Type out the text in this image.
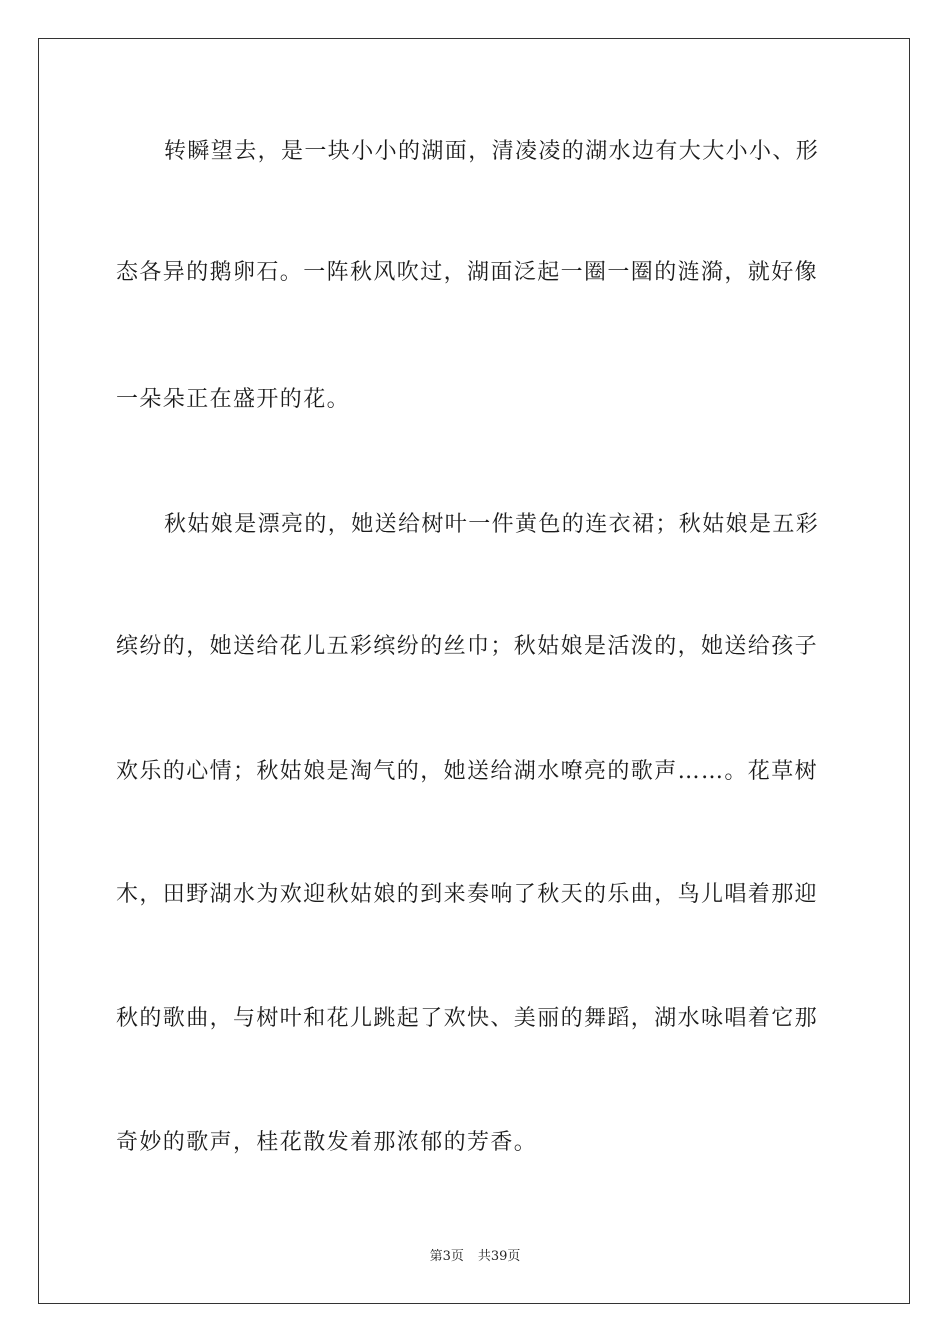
转瞬望去，是一块小小的湖面，清凌凌的湖水边有大大小小、形
态各异的鹅卵石。一阵秋风吹过，湖面泛起一圈一圈的涟漪，就好像
一朵朵正在盛开的花。
秋姑娘是漂亮的，她送给树叶一件黄色的连衣裙；秋姑娘是五彩
缤纷的，她送给花儿五彩缤纷的丝巾；秋姑娘是活泼的，她送给孩子
欢乐的心情；秋姑娘是淘气的，她送给湖水嘹亮的歌声……。花草树
木，田野湖水为欢迎秋姑娘的到来奏响了秋天的乐曲，鸟儿唱着那迎
秋的歌曲，与树叶和花儿跳起了欢快、美丽的舞蹈，湖水咏唱着它那
奇妙的歌声，桂花散发着那浓郁的芳香。
第3页 共39页
